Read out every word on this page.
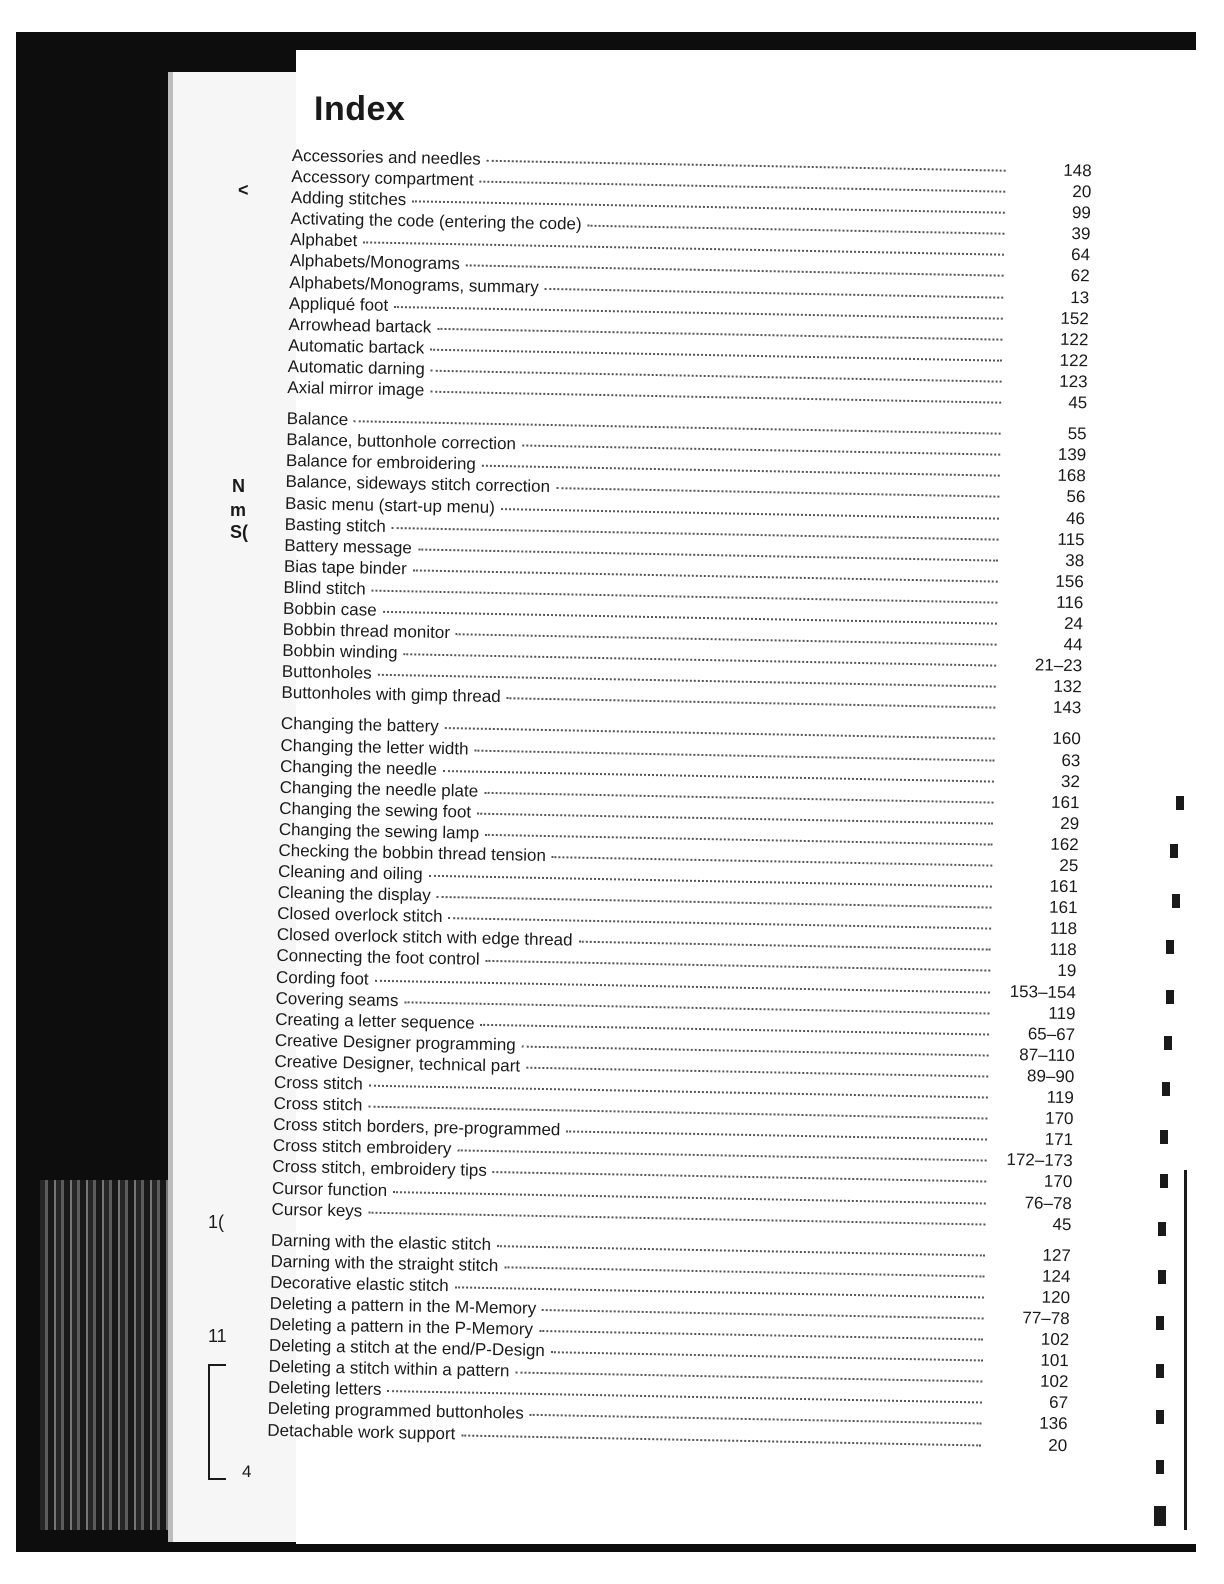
<
N
m
S(
1(
11
Index
Accessories and needles
148
Accessory compartment
20
Adding stitches
99
Activating the code (entering the code)
39
Alphabet
64
Alphabets/Monograms
62
Alphabets/Monograms, summary
13
Appliqué foot
152
Arrowhead bartack
122
Automatic bartack
122
Automatic darning
123
Axial mirror image
45
Balance
55
Balance, buttonhole correction
139
Balance for embroidering
168
Balance, sideways stitch correction
56
Basic menu (start-up menu)
46
Basting stitch
115
Battery message
38
Bias tape binder
156
Blind stitch
116
Bobbin case
24
Bobbin thread monitor
44
Bobbin winding
21–23
Buttonholes
132
Buttonholes with gimp thread
143
Changing the battery
160
Changing the letter width
63
Changing the needle
32
Changing the needle plate
161
Changing the sewing foot
29
Changing the sewing lamp
162
Checking the bobbin thread tension
25
Cleaning and oiling
161
Cleaning the display
161
Closed overlock stitch
118
Closed overlock stitch with edge thread	118
Connecting the foot control
19
Cording foot
153–154
Covering seams
119
Creating a letter sequence
65–67
Creative Designer programming
87–110
Creative Designer, technical part
89–90
Cross stitch
119
Cross stitch
170
Cross stitch borders, pre-programmed
171
Cross stitch embroidery
172–173
Cross stitch, embroidery tips
170
Cursor function
76–78
Cursor keys
45
Darning with the elastic stitch
127
Darning with the straight stitch
124
Decorative elastic stitch
120
Deleting a pattern in the M-Memory
77–78
Deleting a pattern in the P-Memory
102
Deleting a stitch at the end/P-Design
101
Deleting a stitch within a pattern
102
Deleting letters
67
Deleting programmed buttonholes
136
Detachable work support
20
4
